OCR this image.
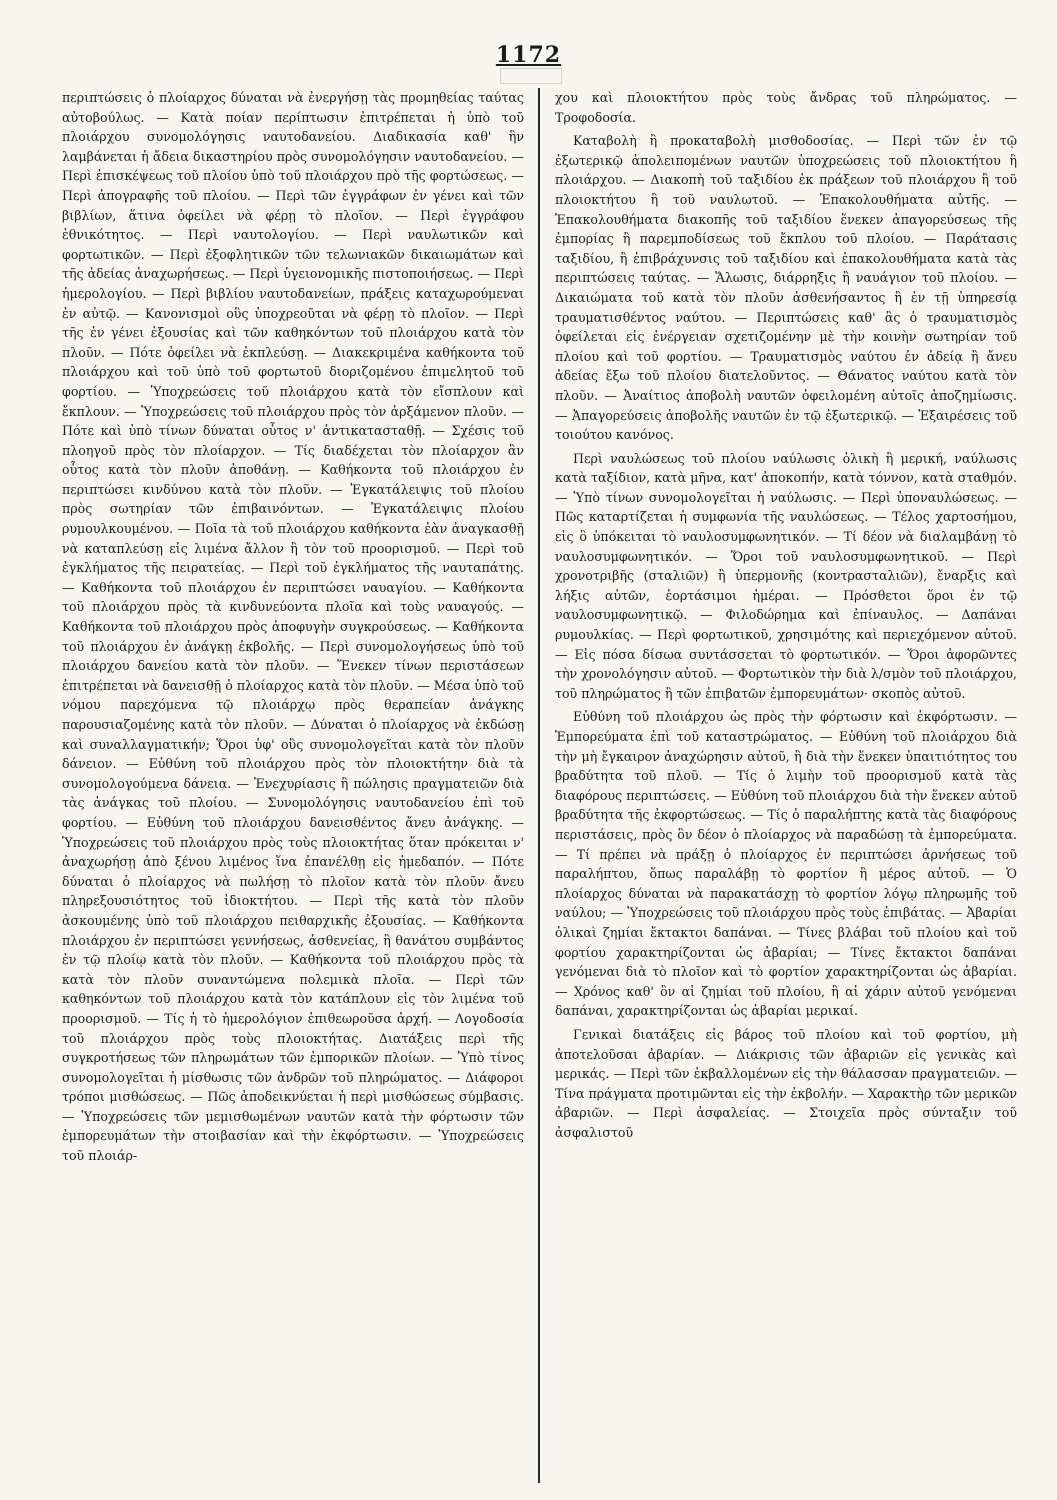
1172

περιπτώσεις ὁ πλοίαρχος δύναται νὰ ἐνεργήσῃ τὰς προμηθείας ταύτας αὐτοβούλως. — Κατὰ ποίαν περίπτωσιν ἐπιτρέπεται ἡ ὑπὸ τοῦ πλοιάρχου συνομολόγησις ναυτοδανείου. Διαδικασία καθ' ἣν λαμβάνεται ἡ ἄδεια δικαστηρίου πρὸς συνομολόγησιν ναυτοδανείου. — Περὶ ἐπισκέψεως τοῦ πλοίου ὑπὸ τοῦ πλοιάρχου πρὸ τῆς φορτώσεως. — Περὶ ἀπογραφῆς τοῦ πλοίου. — Περὶ τῶν ἐγγράφων ἐν γένει καὶ τῶν βιβλίων, ἅτινα ὀφείλει νὰ φέρῃ τὸ πλοῖον. — Περὶ ἐγγράφου ἐθνικότητος. — Περὶ ναυτολογίου. — Περὶ ναυλωτικῶν καὶ φορτωτικῶν. — Περὶ ἐξοφλητικῶν τῶν τελωνιακῶν δικαιωμάτων καὶ τῆς ἀδείας ἀναχωρήσεως. — Περὶ ὑγειονομικῆς πιστοποιήσεως. — Περὶ ἡμερολογίου. — Περὶ βιβλίου ναυτοδανείων, πράξεις καταχωρούμεναι ἐν αὐτῷ. — Κανονισμοὶ οὓς ὑποχρεοῦται νὰ φέρῃ τὸ πλοῖον. — Περὶ τῆς ἐν γένει ἐξουσίας καὶ τῶν καθηκόντων τοῦ πλοιάρχου κατὰ τὸν πλοῦν. — Πότε ὀφείλει νὰ ἐκπλεύσῃ. — Διακεκριμένα καθήκοντα τοῦ πλοιάρχου καὶ τοῦ ὑπὸ τοῦ φορτωτοῦ διοριζομένου ἐπιμελητοῦ τοῦ φορτίου. — Ὑποχρεώσεις τοῦ πλοιάρχου κατὰ τὸν εἴσπλουν καὶ ἔκπλουν. — Ὑποχρεώσεις τοῦ πλοιάρχου πρὸς τὸν ἀρξάμενον πλοῦν. — Πότε καὶ ὑπὸ τίνων δύναται οὗτος ν' ἀντικατασταθῇ. — Σχέσις τοῦ πλοηγοῦ πρὸς τὸν πλοίαρχον. — Τίς διαδέχεται τὸν πλοίαρχον ἂν οὗτος κατὰ τὸν πλοῦν ἀποθάνῃ. — Καθήκοντα τοῦ πλοιάρχου ἐν περιπτώσει κινδύνου κατὰ τὸν πλοῦν. — Ἐγκατάλειψις τοῦ πλοίου πρὸς σωτηρίαν τῶν ἐπιβαινόντων. — Ἐγκατάλειψις πλοίου ρυμουλκουμένου. — Ποῖα τὰ τοῦ πλοιάρχου καθήκοντα ἐὰν ἀναγκασθῇ νὰ καταπλεύσῃ εἰς λιμένα ἄλλον ἢ τὸν τοῦ προορισμοῦ. — Περὶ τοῦ ἐγκλήματος τῆς πειρατείας. — Περὶ τοῦ ἐγκλήματος τῆς ναυταπάτης. — Καθήκοντα τοῦ πλοιάρχου ἐν περιπτώσει ναυαγίου. — Καθήκοντα τοῦ πλοιάρχου πρὸς τὰ κινδυνεύοντα πλοῖα καὶ τοὺς ναυαγούς. — Καθήκοντα τοῦ πλοιάρχου πρὸς ἀποφυγὴν συγκρούσεως. — Καθήκοντα τοῦ πλοιάρχου ἐν ἀνάγκῃ ἐκβολῆς. — Περὶ συνομολογήσεως ὑπὸ τοῦ πλοιάρχου δανείου κατὰ τὸν πλοῦν. — Ἕνεκεν τίνων περιστάσεων ἐπιτρέπεται νὰ δανεισθῇ ὁ πλοίαρχος κατὰ τὸν πλοῦν. — Μέσα ὑπὸ τοῦ νόμου παρεχόμενα τῷ πλοιάρχῳ πρὸς θεραπείαν ἀνάγκης παρουσιαζομένης κατὰ τὸν πλοῦν. — Δύναται ὁ πλοίαρχος νὰ ἐκδώσῃ καὶ συναλλαγματικήν; Ὅροι ὑφ' οὓς συνομολογεῖται κατὰ τὸν πλοῦν δάνειον. — Εὐθύνη τοῦ πλοιάρχου πρὸς τὸν πλοιοκτήτην διὰ τὰ συνομολογούμενα δάνεια. — Ἐνεχυρίασις ἢ πώλησις πραγματειῶν διὰ τὰς ἀνάγκας τοῦ πλοίου. — Συνομολόγησις ναυτοδανείου ἐπὶ τοῦ φορτίου. — Εὐθύνη τοῦ πλοιάρχου δανεισθέντος ἄνευ ἀνάγκης. — Ὑποχρεώσεις τοῦ πλοιάρχου πρὸς τοὺς πλοιοκτήτας ὅταν πρόκειται ν' ἀναχωρήσῃ ἀπὸ ξένου λιμένος ἵνα ἐπανέλθῃ εἰς ἡμεδαπόν. — Πότε δύναται ὁ πλοίαρχος νὰ πωλήσῃ τὸ πλοῖον κατὰ τὸν πλοῦν ἄνευ πληρεξουσιότητος τοῦ ἰδιοκτήτου. — Περὶ τῆς κατὰ τὸν πλοῦν ἀσκουμένης ὑπὸ τοῦ πλοιάρχου πειθαρχικῆς ἐξουσίας. — Καθήκοντα πλοιάρχου ἐν περιπτώσει γεννήσεως, ἀσθενείας, ἢ θανάτου συμβάντος ἐν τῷ πλοίῳ κατὰ τὸν πλοῦν. — Καθήκοντα τοῦ πλοιάρχου πρὸς τὰ κατὰ τὸν πλοῦν συναντώμενα πολεμικὰ πλοῖα. — Περὶ τῶν καθηκόντων τοῦ πλοιάρχου κατὰ τὸν κατάπλουν εἰς τὸν λιμένα τοῦ προορισμοῦ. — Τίς ἡ τὸ ἡμερολόγιον ἐπιθεωροῦσα ἀρχή. — Λογοδοσία τοῦ πλοιάρχου πρὸς τοὺς πλοιοκτήτας. Διατάξεις περὶ τῆς συγκροτήσεως τῶν πληρωμάτων τῶν ἐμπορικῶν πλοίων. — Ὑπὸ τίνος συνομολογεῖται ἡ μίσθωσις τῶν ἀνδρῶν τοῦ πληρώματος. — Διάφοροι τρόποι μισθώσεως. — Πῶς ἀποδεικνύεται ἡ περὶ μισθώσεως σύμβασις. — Ὑποχρεώσεις τῶν μεμισθωμένων ναυτῶν κατὰ τὴν φόρτωσιν τῶν ἐμπορευμάτων τὴν στοιβασίαν καὶ τὴν ἐκφόρτωσιν. — Ὑποχρεώσεις τοῦ πλοιάρ-

χου καὶ πλοιοκτήτου πρὸς τοὺς ἄνδρας τοῦ πληρώματος. — Τροφοδοσία.

Καταβολὴ ἢ προκαταβολὴ μισθοδοσίας. — Περὶ τῶν ἐν τῷ ἐξωτερικῷ ἀπολειπομένων ναυτῶν ὑποχρεώσεις τοῦ πλοιοκτήτου ἢ πλοιάρχου. — Διακοπὴ τοῦ ταξιδίου ἐκ πράξεων τοῦ πλοιάρχου ἢ τοῦ πλοιοκτήτου ἢ τοῦ ναυλωτοῦ. — Ἐπακολουθήματα αὐτῆς. — Ἐπακολουθήματα διακοπῆς τοῦ ταξιδίου ἕνεκεν ἀπαγορεύσεως τῆς ἐμπορίας ἢ παρεμποδίσεως τοῦ ἔκπλου τοῦ πλοίου. — Παράτασις ταξιδίου, ἢ ἐπιβράχυνσις τοῦ ταξιδίου καὶ ἐπακολουθήματα κατὰ τὰς περιπτώσεις ταύτας. — Ἅλωσις, διάρρηξις ἢ ναυάγιον τοῦ πλοίου. — Δικαιώματα τοῦ κατὰ τὸν πλοῦν ἀσθενήσαντος ἢ ἐν τῇ ὑπηρεσίᾳ τραυματισθέντος ναύτου. — Περιπτώσεις καθ' ἃς ὁ τραυματισμὸς ὀφείλεται εἰς ἐνέργειαν σχετιζομένην μὲ τὴν κοινὴν σωτηρίαν τοῦ πλοίου καὶ τοῦ φορτίου. — Τραυματισμὸς ναύτου ἐν ἀδείᾳ ἢ ἄνευ ἀδείας ἔξω τοῦ πλοίου διατελοῦντος. — Θάνατος ναύτου κατὰ τὸν πλοῦν. — Ἀναίτιος ἀποβολὴ ναυτῶν ὀφειλομένη αὐτοῖς ἀποζημίωσις. — Ἀπαγορεύσεις ἀποβολῆς ναυτῶν ἐν τῷ ἐξωτερικῷ. — Ἐξαιρέσεις τοῦ τοιούτου κανόνος.

Περὶ ναυλώσεως τοῦ πλοίου ναύλωσις ὁλικὴ ἢ μερική, ναύλωσις κατὰ ταξίδιον, κατὰ μῆνα, κατ' ἀποκοπήν, κατὰ τόννον, κατὰ σταθμόν. — Ὑπὸ τίνων συνομολογεῖται ἡ ναύλωσις. — Περὶ ὑποναυλώσεως. — Πῶς καταρτίζεται ἡ συμφωνία τῆς ναυλώσεως. — Τέλος χαρτοσήμου, εἰς ὃ ὑπόκειται τὸ ναυλοσυμφωνητικόν. — Τί δέον νὰ διαλαμβάνῃ τὸ ναυλοσυμφωνητικόν. — Ὅροι τοῦ ναυλοσυμφωνητικοῦ. — Περὶ χρονοτριβῆς (σταλιῶν) ἢ ὑπερμονῆς (κοντρασταλιῶν), ἔναρξις καὶ λήξις αὐτῶν, ἑορτάσιμοι ἡμέραι. — Πρόσθετοι ὅροι ἐν τῷ ναυλοσυμφωνητικῷ. — Φιλοδώρημα καὶ ἐπίναυλος. — Δαπάναι ρυμουλκίας. — Περὶ φορτωτικοῦ, χρησιμότης καὶ περιεχόμενον αὐτοῦ. — Εἰς πόσα δίσωα συντάσσεται τὸ φορτωτικόν. — Ὅροι ἀφορῶντες τὴν χρονολόγησιν αὐτοῦ. — Φορτωτικὸν τὴν διὰ λ/σμὸν τοῦ πλοιάρχου, τοῦ πληρώματος ἢ τῶν ἐπιβατῶν ἐμπορευμάτων· σκοπὸς αὐτοῦ.

Εὐθύνη τοῦ πλοιάρχου ὡς πρὸς τὴν φόρτωσιν καὶ ἐκφόρτωσιν. — Ἐμπορεύματα ἐπὶ τοῦ καταστρώματος. — Εὐθύνη τοῦ πλοιάρχου διὰ τὴν μὴ ἔγκαιρον ἀναχώρησιν αὐτοῦ, ἢ διὰ τὴν ἕνεκεν ὑπαιτιότητος του βραδύτητα τοῦ πλοῦ. — Τίς ὁ λιμὴν τοῦ προορισμοῦ κατὰ τὰς διαφόρους περιπτώσεις. — Εὐθύνη τοῦ πλοιάρχου διὰ τὴν ἕνεκεν αὐτοῦ βραδύτητα τῆς ἐκφορτώσεως. — Τίς ὁ παραλήπτης κατὰ τὰς διαφόρους περιστάσεις, πρὸς ὃν δέον ὁ πλοίαρχος νὰ παραδώσῃ τὰ ἐμπορεύματα. — Τί πρέπει νὰ πράξῃ ὁ πλοίαρχος ἐν περιπτώσει ἀρνήσεως τοῦ παραλήπτου, ὅπως παραλάβῃ τὸ φορτίον ἢ μέρος αὐτοῦ. — Ὁ πλοίαρχος δύναται νὰ παρακατάσχῃ τὸ φορτίον λόγῳ πληρωμῆς τοῦ ναύλου; — Ὑποχρεώσεις τοῦ πλοιάρχου πρὸς τοὺς ἐπιβάτας. — Ἀβαρίαι ὁλικαὶ ζημίαι ἔκτακτοι δαπάναι. — Τίνες βλάβαι τοῦ πλοίου καὶ τοῦ φορτίου χαρακτηρίζονται ὡς ἀβαρίαι; — Τίνες ἔκτακτοι δαπάναι γενόμεναι διὰ τὸ πλοῖον καὶ τὸ φορτίον χαρακτηρίζονται ὡς ἀβαρίαι. — Χρόνος καθ' ὃν αἱ ζημίαι τοῦ πλοίου, ἢ αἱ χάριν αὐτοῦ γενόμεναι δαπάναι, χαρακτηρίζονται ὡς ἀβαρίαι μερικαί.

Γενικαὶ διατάξεις εἰς βάρος τοῦ πλοίου καὶ τοῦ φορτίου, μὴ ἀποτελοῦσαι ἀβαρίαν. — Διάκρισις τῶν ἀβαριῶν εἰς γενικὰς καὶ μερικάς. — Περὶ τῶν ἐκβαλλομένων εἰς τὴν θάλασσαν πραγματειῶν. — Τίνα πράγματα προτιμῶνται εἰς τὴν ἐκβολήν. — Χαρακτὴρ τῶν μερικῶν ἀβαριῶν. — Περὶ ἀσφαλείας. — Στοιχεῖα πρὸς σύνταξιν τοῦ ἀσφαλιστοῦ
